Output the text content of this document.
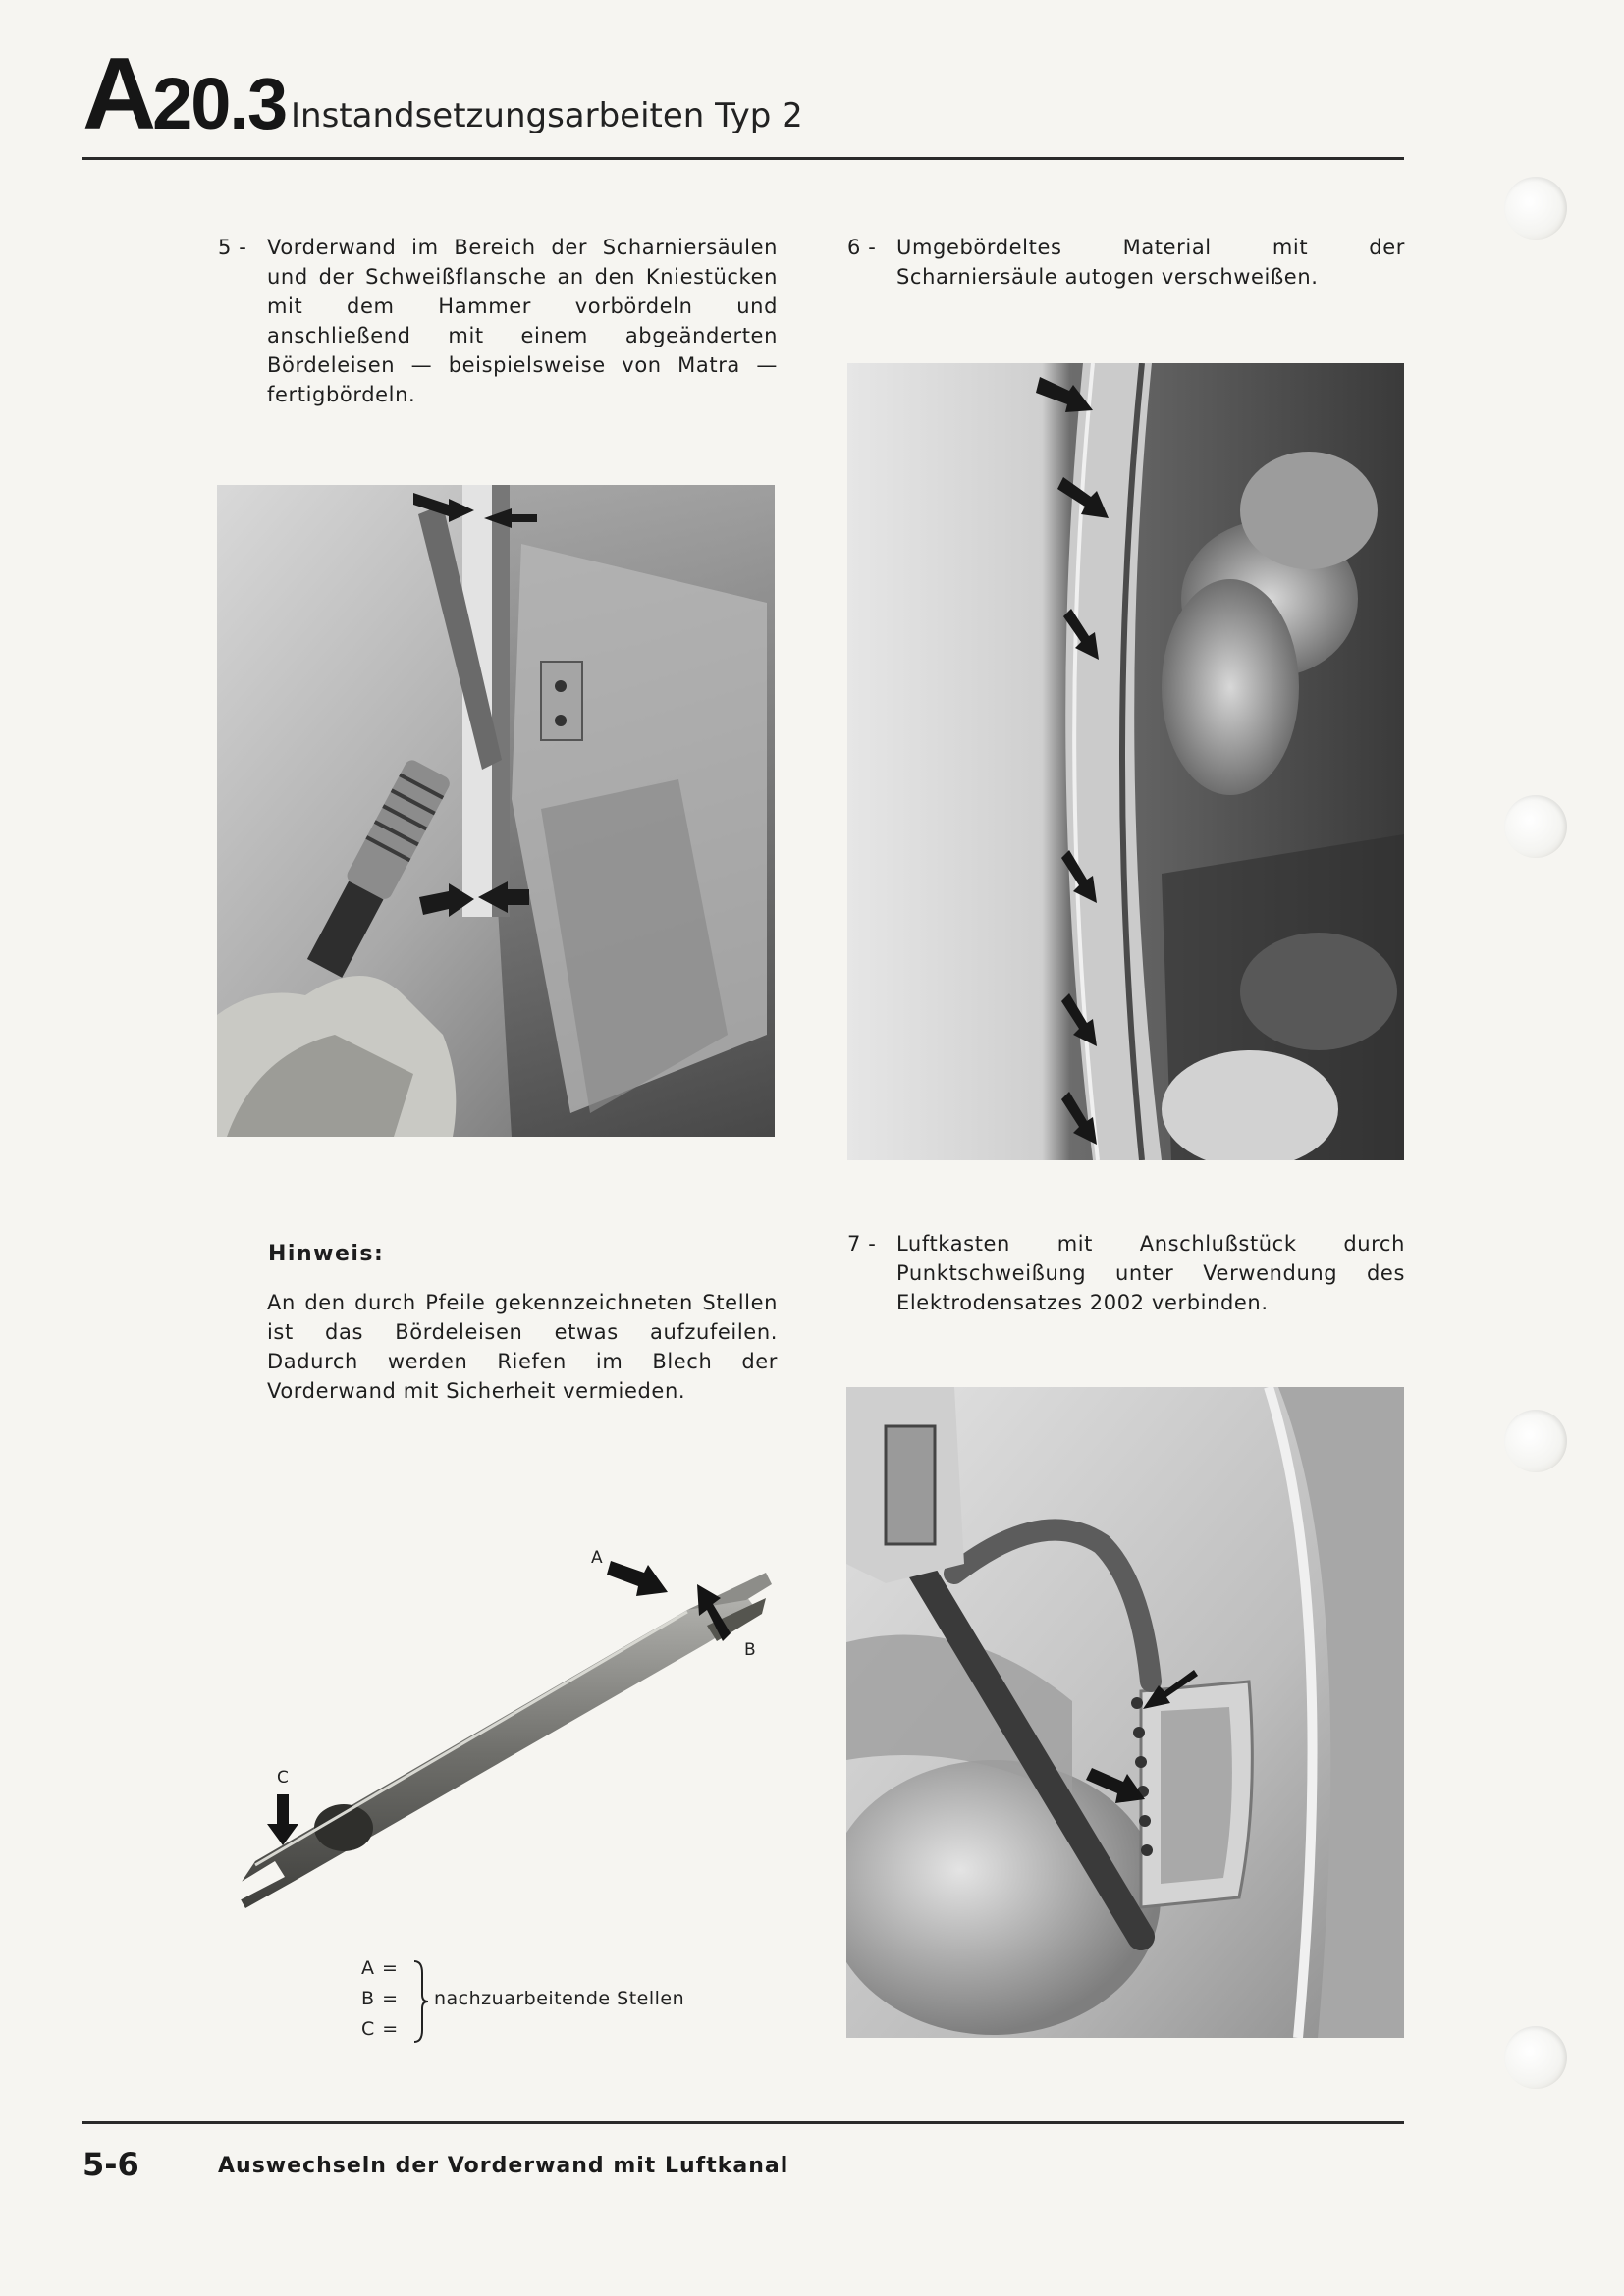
A20.3 Instandsetzungsarbeiten Typ 2
5 - Vorderwand im Bereich der Scharniersäulen und der Schweißflansche an den Kniestücken mit dem Hammer vorbördeln und anschließend mit einem abgeänderten Bördeleisen — beispielsweise von Matra — fertigbördeln.
6 - Umgebördeltes Material mit der Scharniersäule autogen verschweißen.
Hinweis:
An den durch Pfeile gekennzeichneten Stellen ist das Bördeleisen etwas aufzufeilen. Dadurch werden Riefen im Blech der Vorderwand mit Sicherheit vermieden.
7 - Luftkasten mit Anschlußstück durch Punktschweißung unter Verwendung des Elektrodensatzes 2002 verbinden.
A
B
C
A =
B =
C =
nachzuarbeitende Stellen
5-6	Auswechseln der Vorderwand mit Luftkanal
